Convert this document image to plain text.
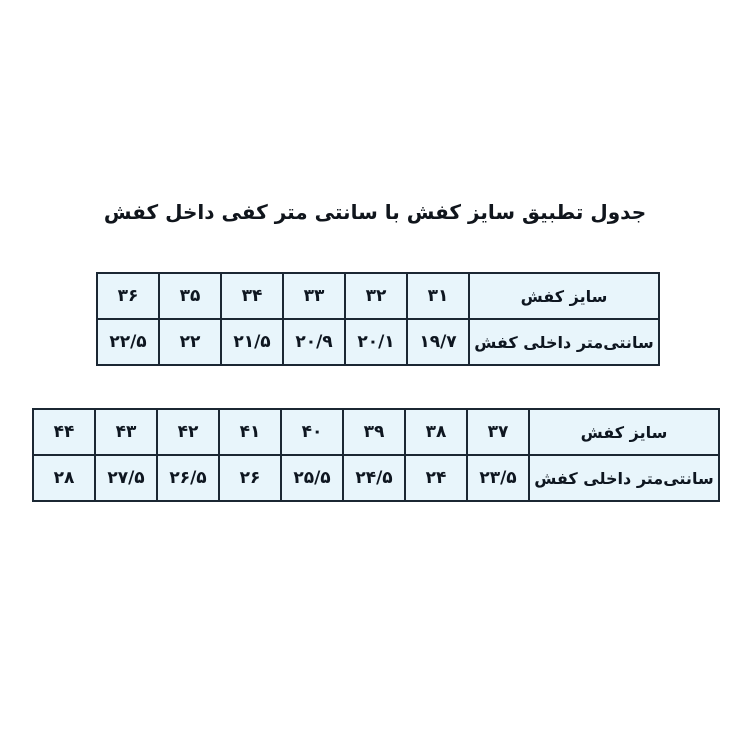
جدول تطبیق سایز کفش با سانتی متر کفی داخل کفش
سایز کفش	۳۱	۳۲	۳۳	۳۴	۳۵	۳۶
سانتی‌متر داخلی کفش	۱۹/۷	۲۰/۱	۲۰/۹	۲۱/۵	۲۲	۲۲/۵
سایز کفش	۳۷	۳۸	۳۹	۴۰	۴۱	۴۲	۴۳	۴۴
سانتی‌متر داخلی کفش	۲۳/۵	۲۴	۲۴/۵	۲۵/۵	۲۶	۲۶/۵	۲۷/۵	۲۸
